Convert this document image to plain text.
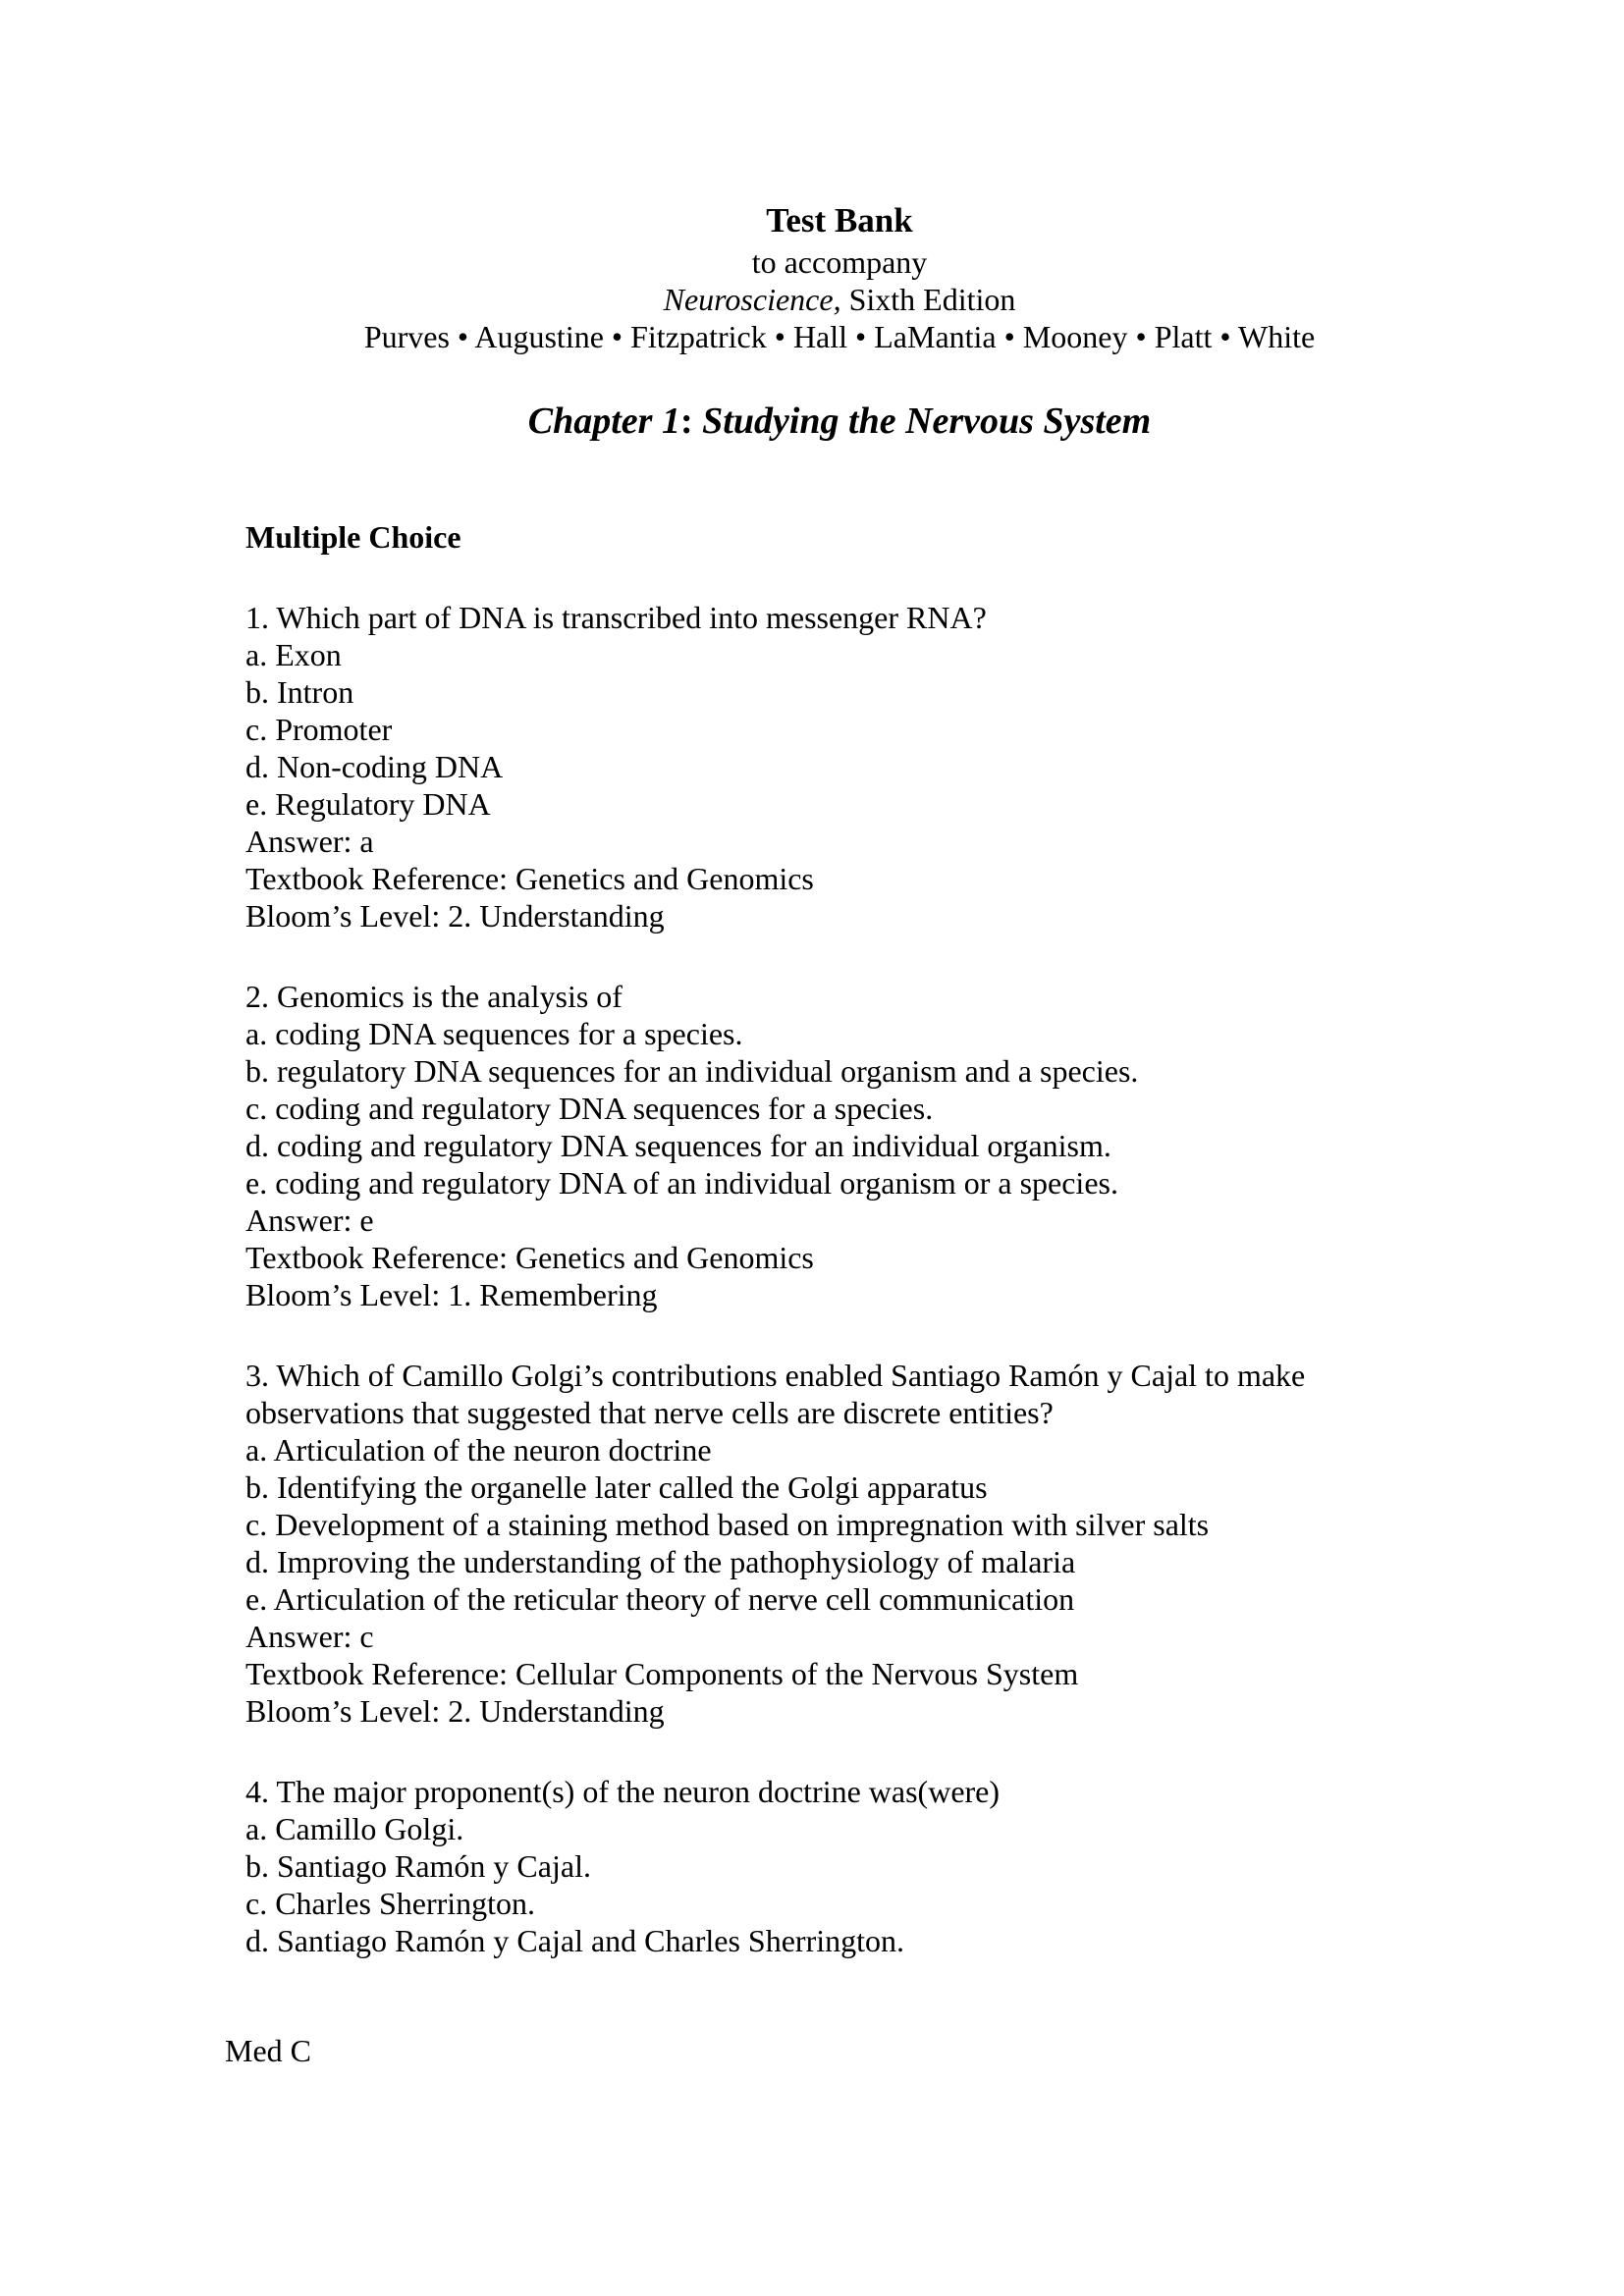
Test Bank
to accompany
Neuroscience, Sixth Edition
Purves • Augustine • Fitzpatrick • Hall • LaMantia • Mooney • Platt • White
Chapter 1: Studying the Nervous System
Multiple Choice
1. Which part of DNA is transcribed into messenger RNA?
a. Exon
b. Intron
c. Promoter
d. Non-coding DNA
e. Regulatory DNA
Answer: a
Textbook Reference: Genetics and Genomics
Bloom’s Level: 2. Understanding
2. Genomics is the analysis of
a. coding DNA sequences for a species.
b. regulatory DNA sequences for an individual organism and a species.
c. coding and regulatory DNA sequences for a species.
d. coding and regulatory DNA sequences for an individual organism.
e. coding and regulatory DNA of an individual organism or a species.
Answer: e
Textbook Reference: Genetics and Genomics
Bloom’s Level: 1. Remembering
3. Which of Camillo Golgi’s contributions enabled Santiago Ramón y Cajal to make
observations that suggested that nerve cells are discrete entities?
a. Articulation of the neuron doctrine
b. Identifying the organelle later called the Golgi apparatus
c. Development of a staining method based on impregnation with silver salts
d. Improving the understanding of the pathophysiology of malaria
e. Articulation of the reticular theory of nerve cell communication
Answer: c
Textbook Reference: Cellular Components of the Nervous System
Bloom’s Level: 2. Understanding
4. The major proponent(s) of the neuron doctrine was(were)
a. Camillo Golgi.
b. Santiago Ramón y Cajal.
c. Charles Sherrington.
d. Santiago Ramón y Cajal and Charles Sherrington.
Med C
